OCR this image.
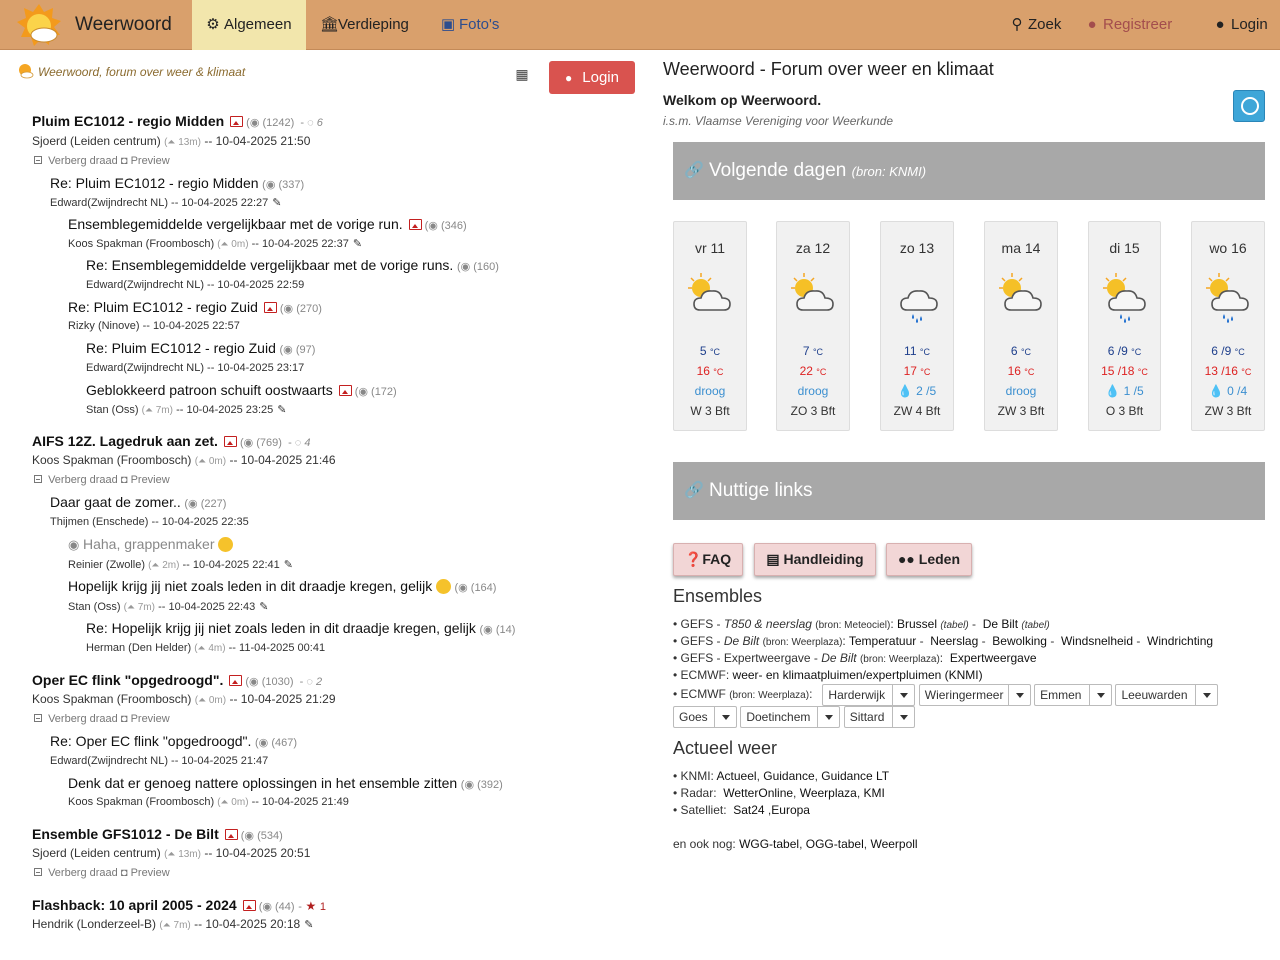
Weerwoord	⚙ Algemeen	🏛Verdieping	▣ Foto's	⚲ Zoek	● Registreer	● Login
Weerwoord, forum over weer & klimaat	▦	● Login
Pluim EC1012 - regio Midden (◉ (1242)  - ◌ 6
Sjoerd (Leiden centrum) (⏶ 13m) -- 10-04-2025 21:50
Verberg draad ◘ Preview
Re: Pluim EC1012 - regio Midden (◉ (337)
Edward(Zwijndrecht NL) -- 10-04-2025 22:27 ✎
Ensemblegemiddelde vergelijkbaar met de vorige run. (◉ (346)
Koos Spakman (Froombosch) (⏶ 0m) -- 10-04-2025 22:37 ✎
Re: Ensemblegemiddelde vergelijkbaar met de vorige runs. (◉ (160)
Edward(Zwijndrecht NL) -- 10-04-2025 22:59
Re: Pluim EC1012 - regio Zuid (◉ (270)
Rizky (Ninove) -- 10-04-2025 22:57
Re: Pluim EC1012 - regio Zuid (◉ (97)
Edward(Zwijndrecht NL) -- 10-04-2025 23:17
Geblokkeerd patroon schuift oostwaarts (◉ (172)
Stan (Oss) (⏶ 7m) -- 10-04-2025 23:25 ✎
AIFS 12Z. Lagedruk aan zet. (◉ (769)  - ◌ 4
Koos Spakman (Froombosch) (⏶ 0m) -- 10-04-2025 21:46
Verberg draad ◘ Preview
Daar gaat de zomer.. (◉ (227)
Thijmen (Enschede) -- 10-04-2025 22:35
◉ Haha, grappenmaker
Reinier (Zwolle) (⏶ 2m) -- 10-04-2025 22:41 ✎
Hopelijk krijg jij niet zoals leden in dit draadje kregen, gelijk (◉ (164)
Stan (Oss) (⏶ 7m) -- 10-04-2025 22:43 ✎
Re: Hopelijk krijg jij niet zoals leden in dit draadje kregen, gelijk (◉ (14)
Herman (Den Helder) (⏶ 4m) -- 11-04-2025 00:41
Oper EC flink "opgedroogd". (◉ (1030)  - ◌ 2
Koos Spakman (Froombosch) (⏶ 0m) -- 10-04-2025 21:29
Verberg draad ◘ Preview
Re: Oper EC flink "opgedroogd". (◉ (467)
Edward(Zwijndrecht NL) -- 10-04-2025 21:47
Denk dat er genoeg nattere oplossingen in het ensemble zitten (◉ (392)
Koos Spakman (Froombosch) (⏶ 0m) -- 10-04-2025 21:49
Ensemble GFS1012 - De Bilt (◉ (534)
Sjoerd (Leiden centrum) (⏶ 13m) -- 10-04-2025 20:51
Verberg draad ◘ Preview
Flashback: 10 april 2005 - 2024 (◉ (44) - ★ 1
Hendrik (Londerzeel-B) (⏶ 7m) -- 10-04-2025 20:18 ✎
Weerwoord - Forum over weer en klimaat
Welkom op Weerwoord.
i.s.m. Vlaamse Vereniging voor Weerkunde
🔗 Volgende dagen (bron: KNMI)
vr 11
5 °C
16 °C
droog
W 3 Bft
za 12
7 °C
22 °C
droog
ZO 3 Bft
zo 13
11 °C
17 °C
💧 2 /5
ZW 4 Bft
ma 14
6 °C
16 °C
droog
ZW 3 Bft
di 15
6 /9 °C
15 /18 °C
💧 1 /5
O 3 Bft
wo 16
6 /9 °C
13 /16 °C
💧 0 /4
ZW 3 Bft
🔗 Nuttige links
❓FAQ	▤ Handleiding	●● Leden
Ensembles
• GEFS - T850 & neerslag (bron: Meteociel): Brussel (tabel) -  De Bilt (tabel)
• GEFS - De Bilt (bron: Weerplaza): Temperatuur -  Neerslag -  Bewolking -  Windsnelheid -  Windrichting
• GEFS - Expertweergave - De Bilt (bron: Weerplaza):  Expertweergave
• ECMWF: weer- en klimaatpluimen/expertpluimen (KNMI)
• ECMWF (bron: Weerplaza):   Harderwijk	Wieringermeer	Emmen	Leeuwarden
Goes	Doetinchem	Sittard
Actueel weer
• KNMI: Actueel, Guidance, Guidance LT
• Radar: WetterOnline, Weerplaza, KMI
• Satelliet: Sat24 ,Europa
en ook nog: WGG-tabel, OGG-tabel, Weerpoll
